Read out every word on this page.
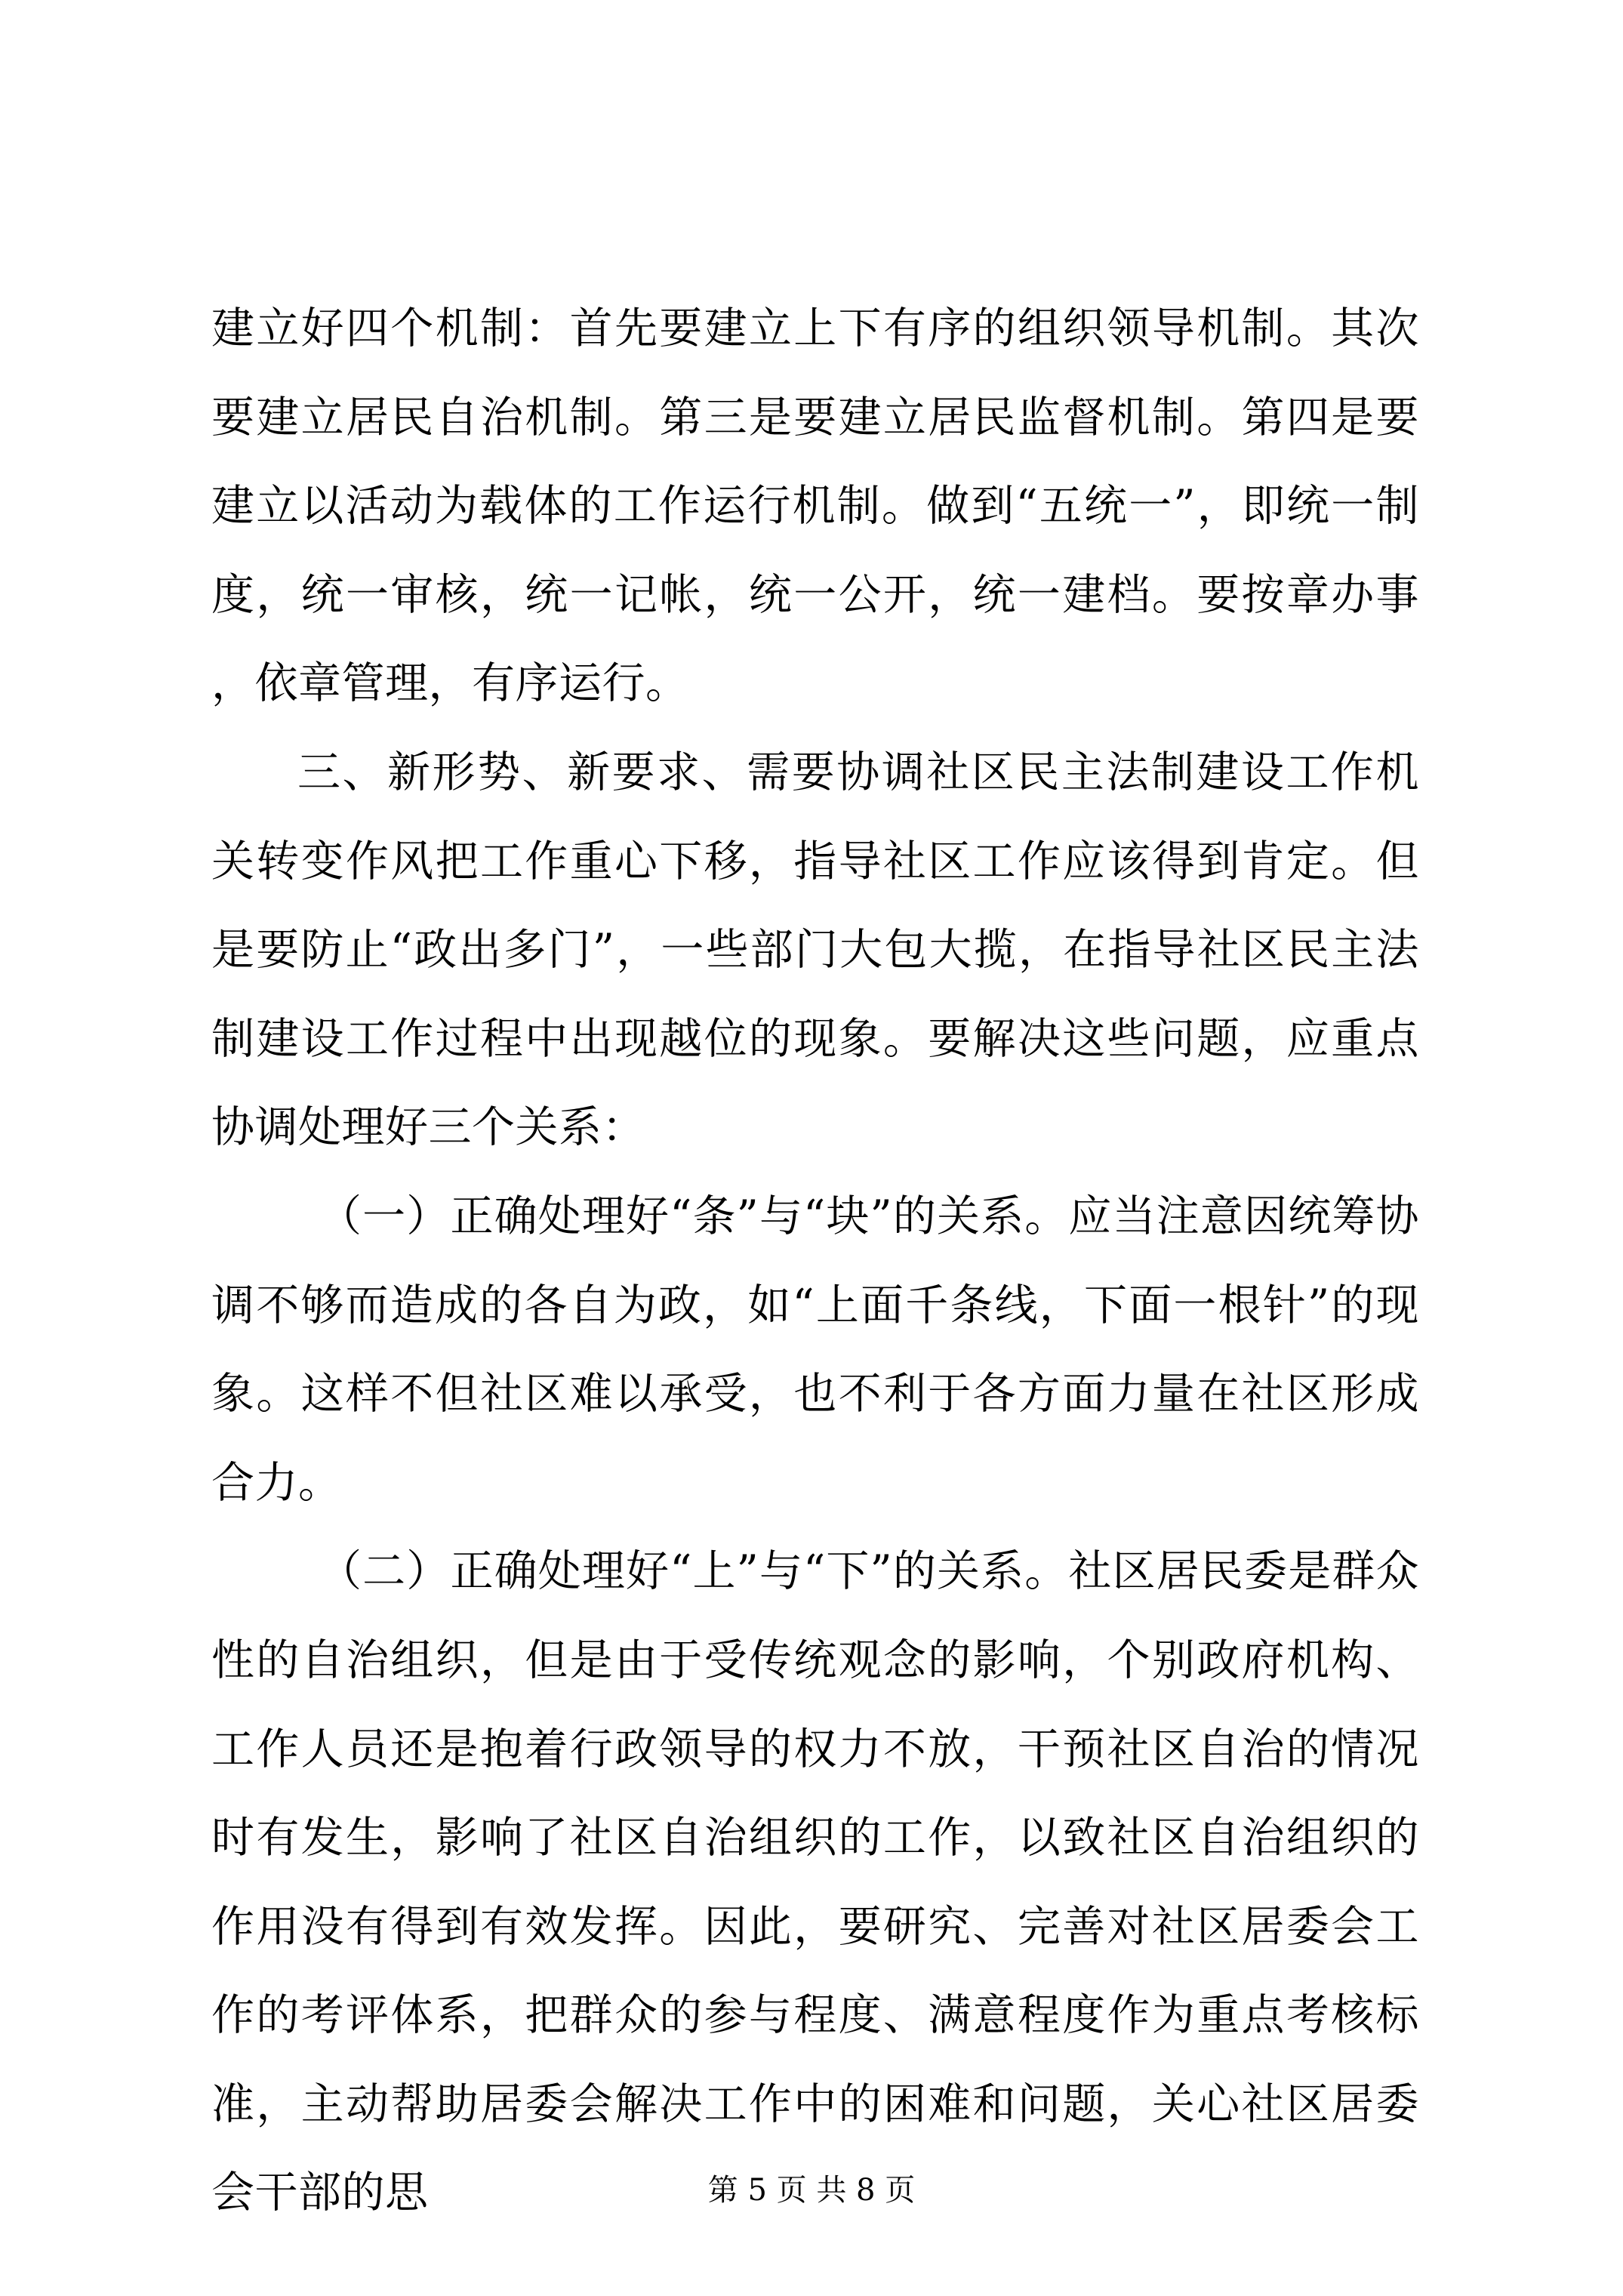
建立好四个机制：首先要建立上下有序的组织领导机制。其次要建立居民自治机制。第三是要建立居民监督机制。第四是要建立以活动为载体的工作运行机制。做到“五统一”，即统一制度，统一审核，统一记帐，统一公开，统一建档。要按章办事，依章管理，有序运行。

三、新形势、新要求、需要协调社区民主法制建设工作机关转变作风把工作重心下移，指导社区工作应该得到肯定。但是要防止“政出多门”，一些部门大包大揽，在指导社区民主法制建设工作过程中出现越位的现象。要解决这些问题，应重点协调处理好三个关系：

（一）正确处理好“条”与“块”的关系。应当注意因统筹协调不够而造成的各自为政，如“上面千条线，下面一根针”的现象。这样不但社区难以承受，也不利于各方面力量在社区形成合力。

（二）正确处理好“上”与“下”的关系。社区居民委是群众性的自治组织，但是由于受传统观念的影响，个别政府机构、工作人员还是抱着行政领导的权力不放，干预社区自治的情况时有发生，影响了社区自治组织的工作，以致社区自治组织的作用没有得到有效发挥。因此，要研究、完善对社区居委会工作的考评体系，把群众的参与程度、满意程度作为重点考核标准，主动帮助居委会解决工作中的困难和问题，关心社区居委会干部的思	第 5 页 共 8 页
